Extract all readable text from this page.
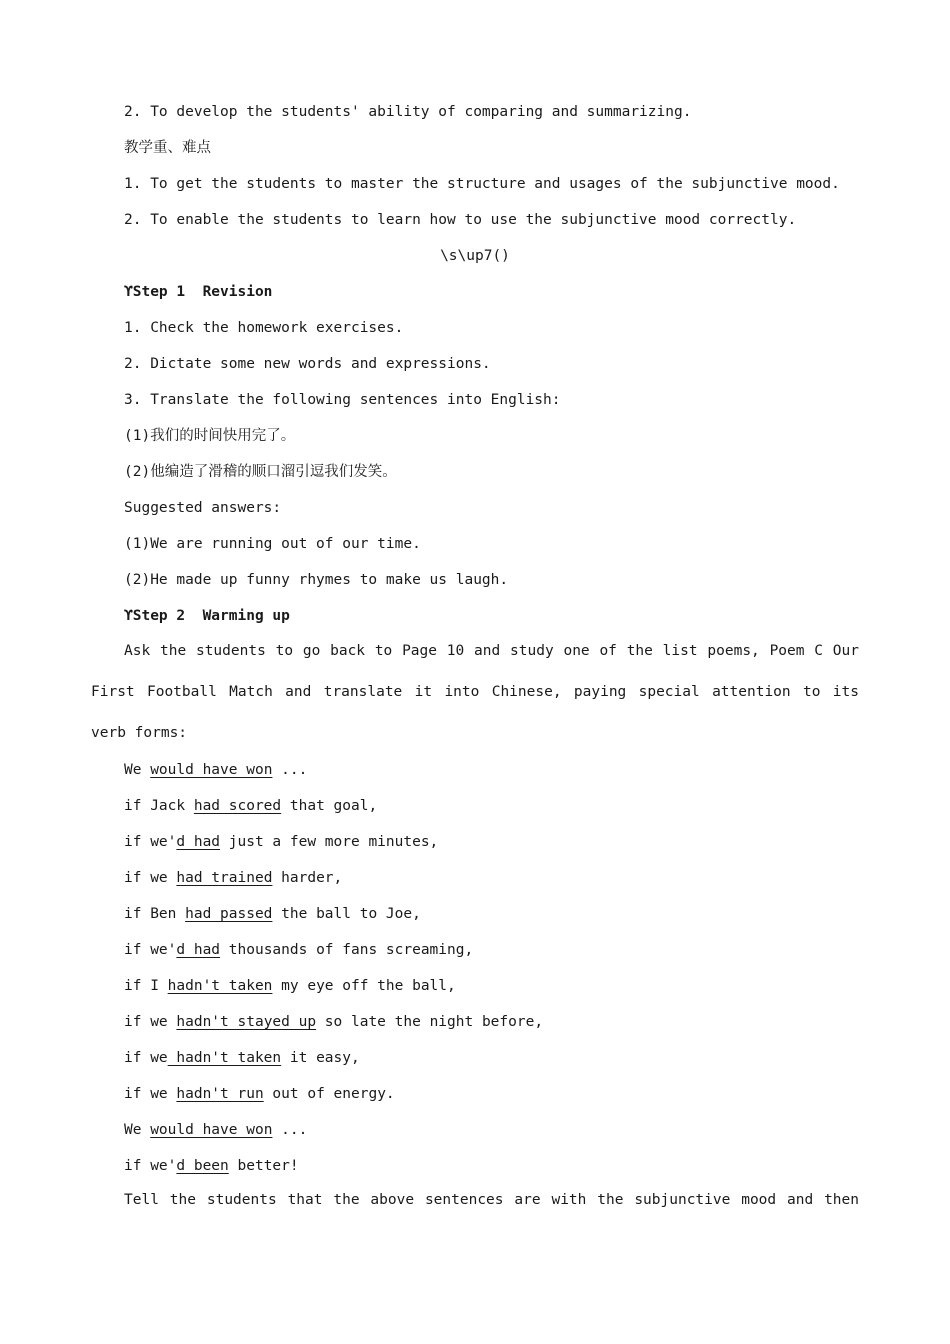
2. To develop the students' ability of comparing and summarizing.
教学重、难点
1. To get the students to master the structure and usages of the subjunctive mood.
2. To enable the students to learn how to use the subjunctive mood correctly.
\s\up7()
ϒStep 1  Revision
1. Check the homework exercises.
2. Dictate some new words and expressions.
3. Translate the following sentences into English:
(1)我们的时间快用完了。
(2)他编造了滑稽的顺口溜引逗我们发笑。
Suggested answers:
(1)We are running out of our time.
(2)He made up funny rhymes to make us laugh.
ϒStep 2  Warming up
Ask the students to go back to Page 10 and study one of the list poems, Poem C Our First Football Match and translate it into Chinese, paying special attention to its verb forms:
We would have won ...
if Jack had scored that goal,
if we'd had just a few more minutes,
if we had trained harder,
if Ben had passed the ball to Joe,
if we'd had thousands of fans screaming,
if I hadn't taken my eye off the ball,
if we hadn't stayed up so late the night before,
if we hadn't taken it easy,
if we hadn't run out of energy.
We would have won ...
if we'd been better!
Tell the students that the above sentences are with the subjunctive mood and then
